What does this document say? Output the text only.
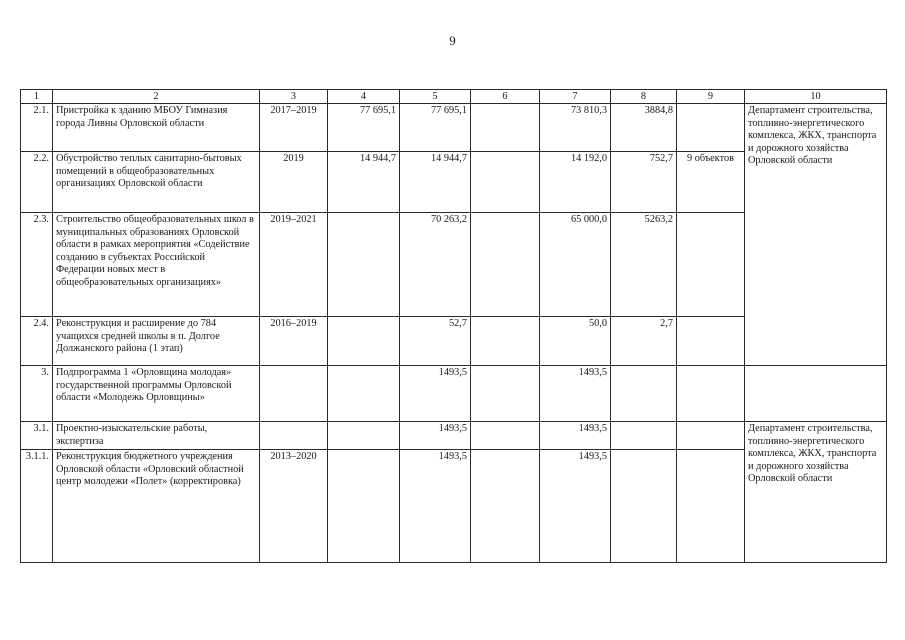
9
1	2	3	4	5	6	7	8	9	10
2.1.	Пристройка к зданию МБОУ Гимназия города Ливны Орловской области	2017–2019	77 695,1	77 695,1		73 810,3	3884,8		Департамент строительства, топливно-энергетического комплекса, ЖКХ, транспорта и дорожного хозяйства Орловской области
2.2.	Обустройство теплых санитарно-бытовых помещений в общеобразовательных организациях Орловской области	2019	14 944,7	14 944,7		14 192,0	752,7	9 объектов	
2.3.	Строительство общеобразовательных школ в муниципальных образованиях Орловской области в рамках мероприятия «Содействие созданию в субъектах Российской Федерации новых мест в общеобразовательных организациях»	2019–2021		70 263,2		65 000,0	5263,2		
2.4.	Реконструкция и расширение до 784 учащихся средней школы в п. Долгое Должанского района (1 этап)	2016–2019		52,7		50,0	2,7		
3.	Подпрограмма 1 «Орловщина молодая» государственной программы Орловской области «Молодежь Орловщины»			1493,5		1493,5			
3.1.	Проектно-изыскательские работы, экспертиза			1493,5		1493,5			Департамент строительства, топливно-энергетического комплекса, ЖКХ, транспорта и дорожного хозяйства Орловской области
3.1.1.	Реконструкция бюджетного учреждения Орловской области «Орловский областной центр молодежи «Полет» (корректировка)	2013–2020		1493,5		1493,5			
